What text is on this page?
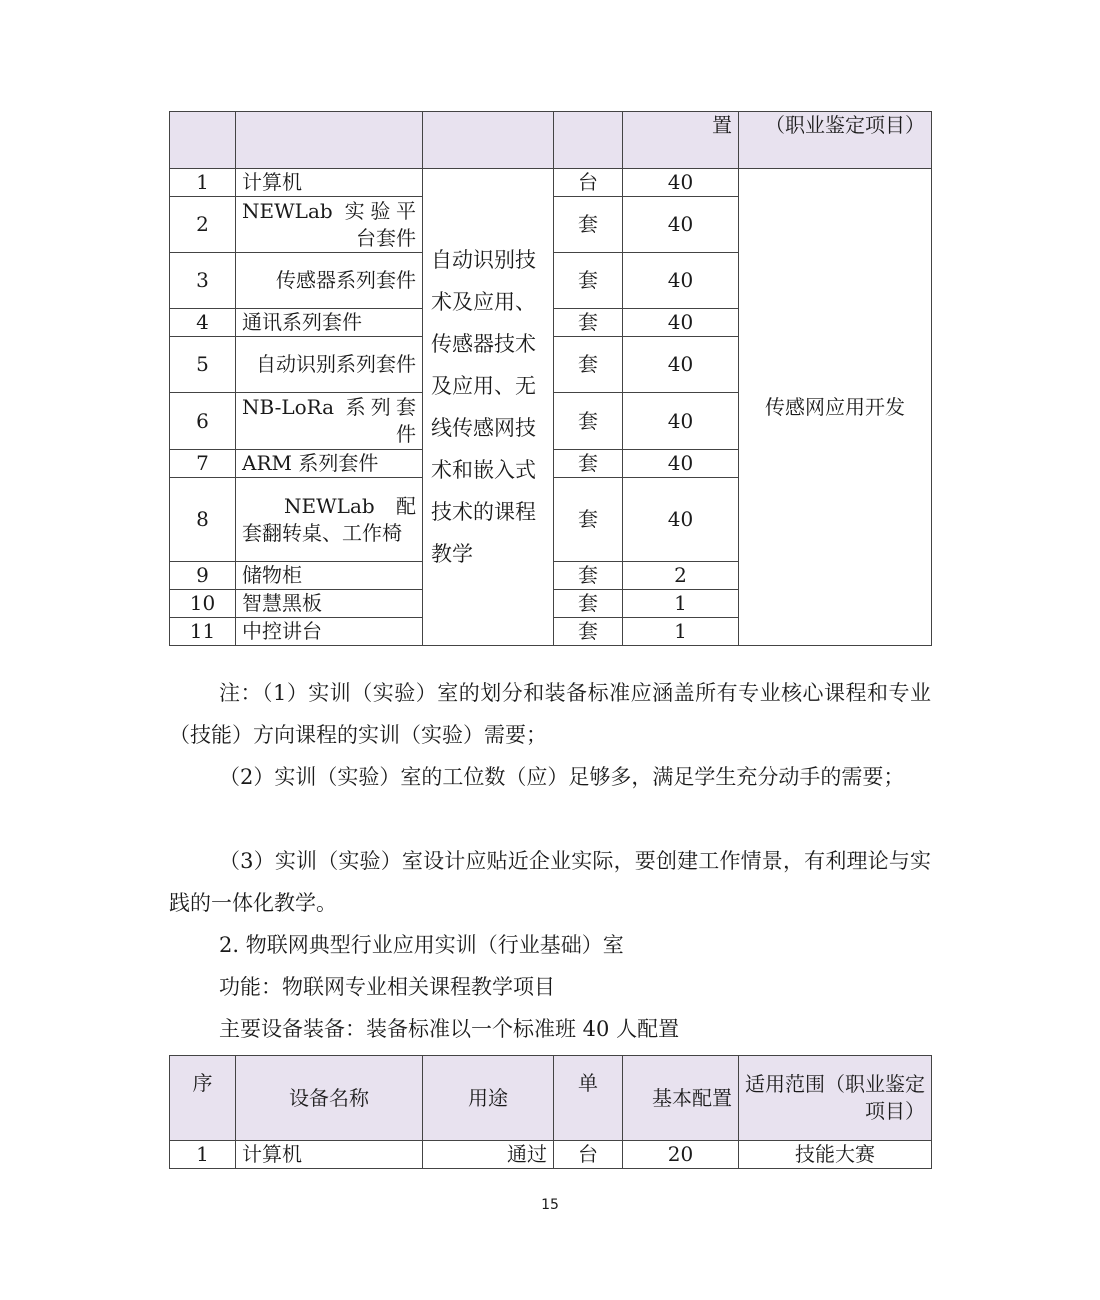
				置	（职业鉴定项目）
1	计算机	自动识别技术及应用、传感器技术及应用、无线传感网技术和嵌入式技术的课程教学	台	40	传感网应用开发
2	NEWLab 实验平台套件		套	40	
3	传感器系列套件		套	40	
4	通讯系列套件		套	40	
5	自动识别系列套件		套	40	
6	NB-LoRa 系列套件		套	40	
7	ARM 系列套件		套	40	
8	NEWLab 配套翻转桌、工作椅		套	40	
9	储物柜		套	2	
10	智慧黑板		套	1	
11	中控讲台		套	1	

注：（1）实训（实验）室的划分和装备标准应涵盖所有专业核心课程和专业（技能）方向课程的实训（实验）需要；

（2）实训（实验）室的工位数（应）足够多，满足学生充分动手的需要；

（3）实训（实验）室设计应贴近企业实际，要创建工作情景，有利理论与实践的一体化教学。

2. 物联网典型行业应用实训（行业基础）室

功能：物联网专业相关课程教学项目

主要设备装备：装备标准以一个标准班 40 人配置

序	设备名称	用途	单	基本配置	适用范围（职业鉴定项目）
1	计算机	通过	台	20	技能大赛
15
